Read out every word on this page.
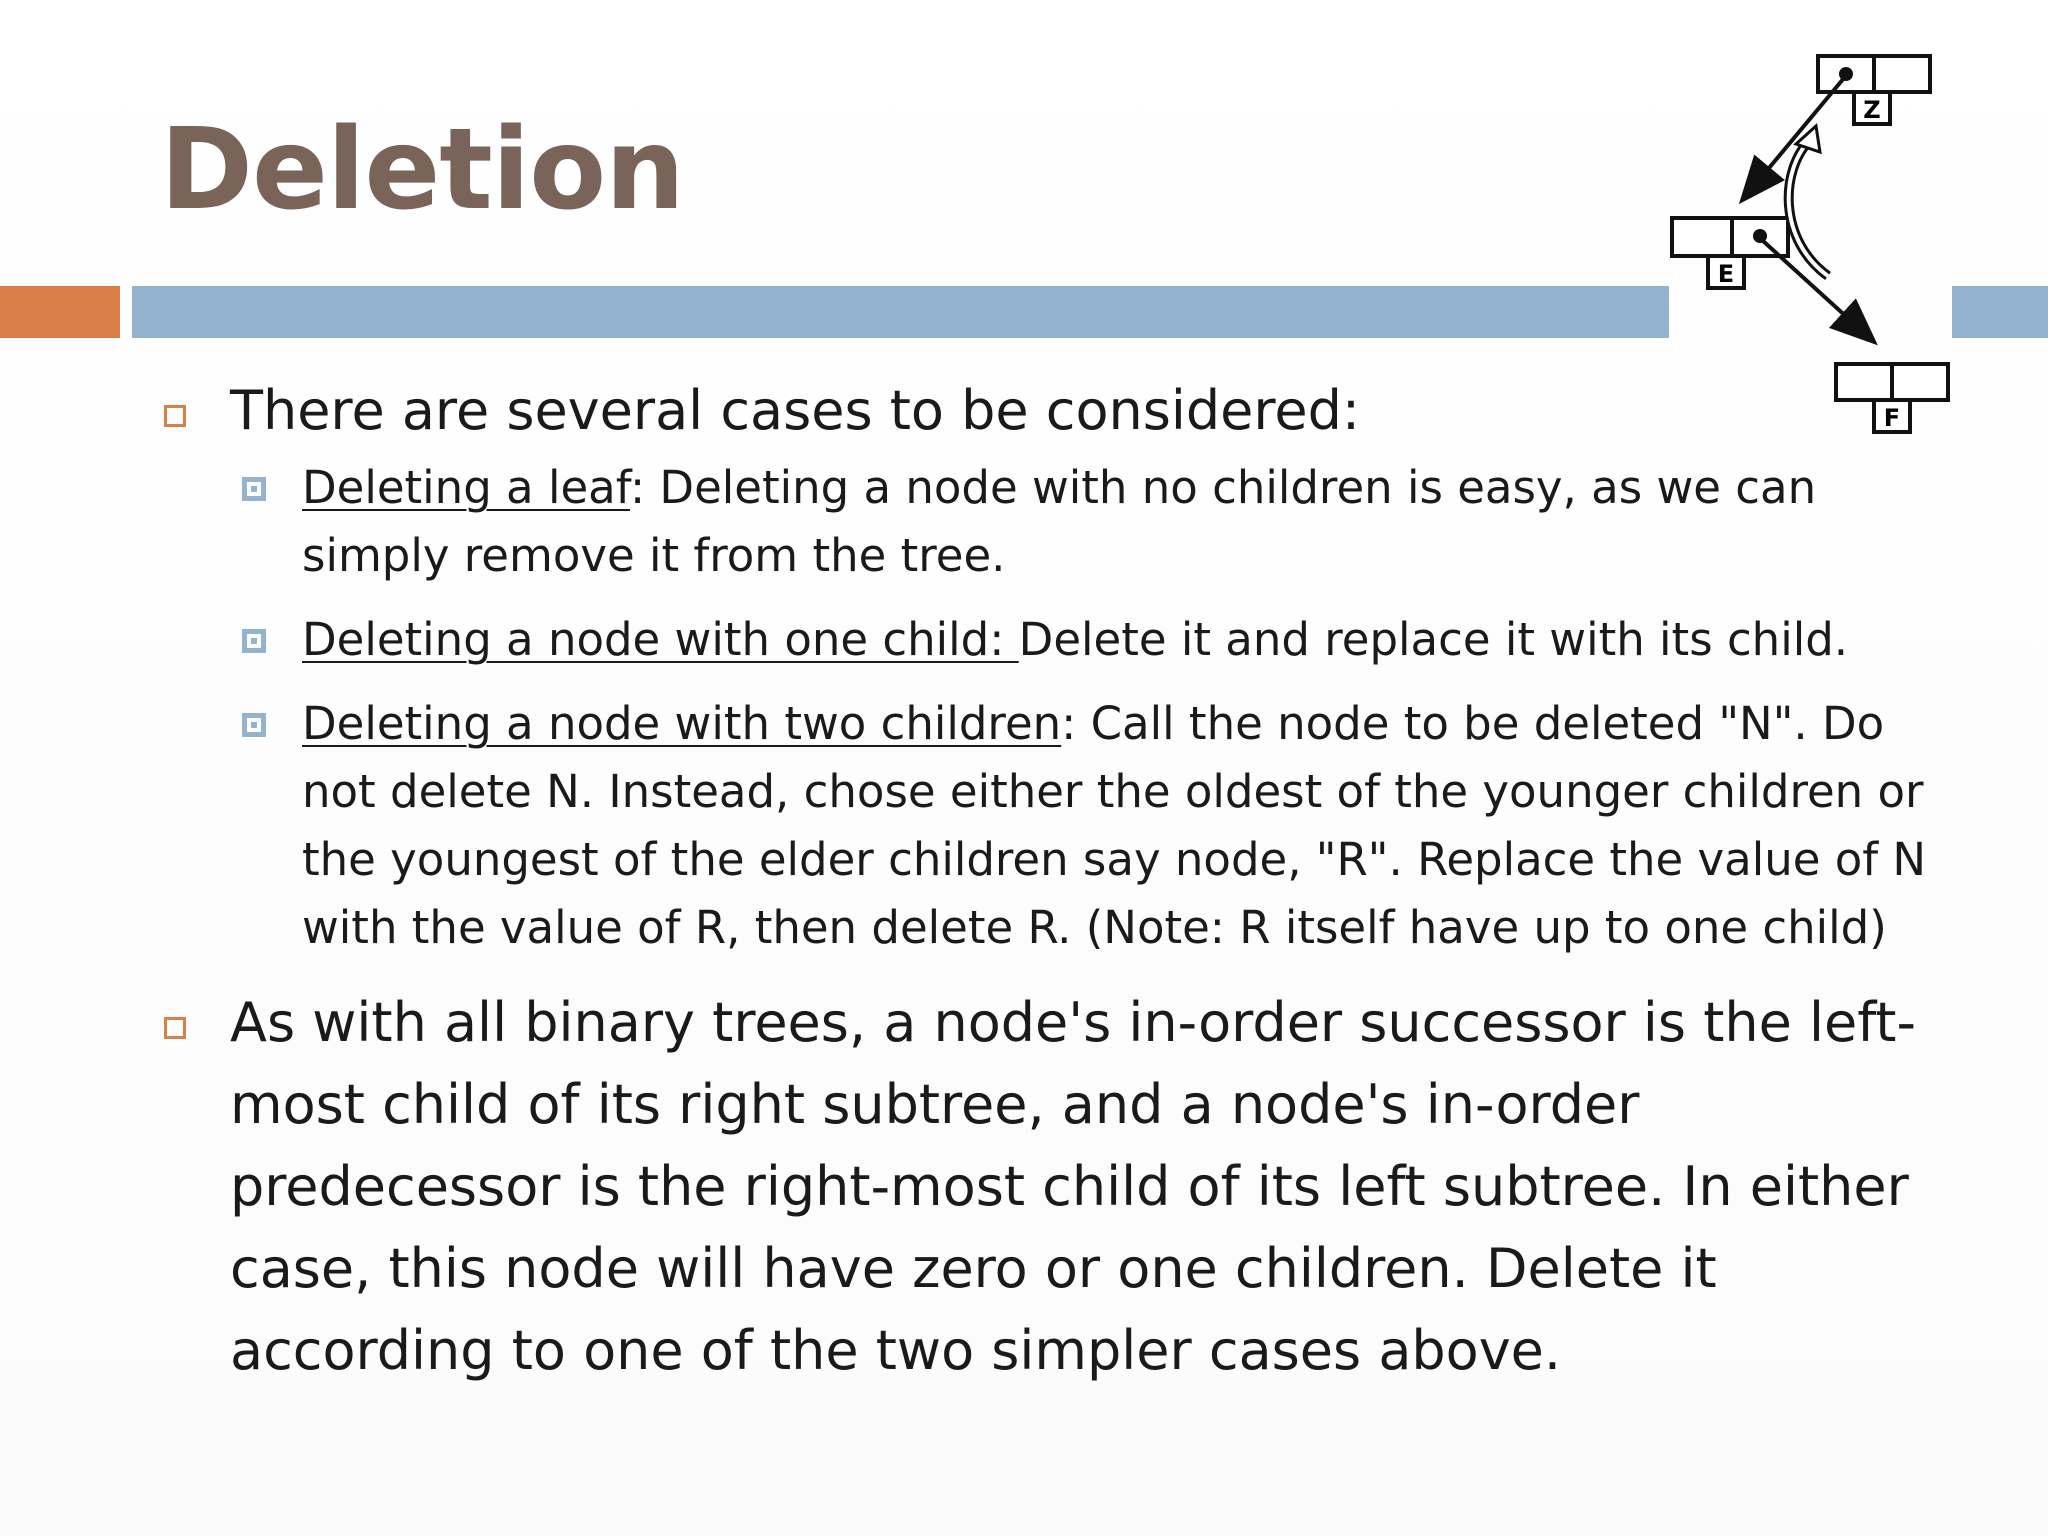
Deletion	Z
E
F
There are several cases to be considered:
Deleting a leaf: Deleting a node with no children is easy, as we can simply remove it from the tree.
Deleting a node with one child: Delete it and replace it with its child.
Deleting a node with two children: Call the node to be deleted "N". Do not delete N. Instead, chose either the oldest of the younger children or the youngest of the elder children say node, "R". Replace the value of N with the value of R, then delete R. (Note: R itself have up to one child)
As with all binary trees, a node's in-order successor is the left-most child of its right subtree, and a node's in-order predecessor is the right-most child of its left subtree. In either case, this node will have zero or one children. Delete it according to one of the two simpler cases above.
